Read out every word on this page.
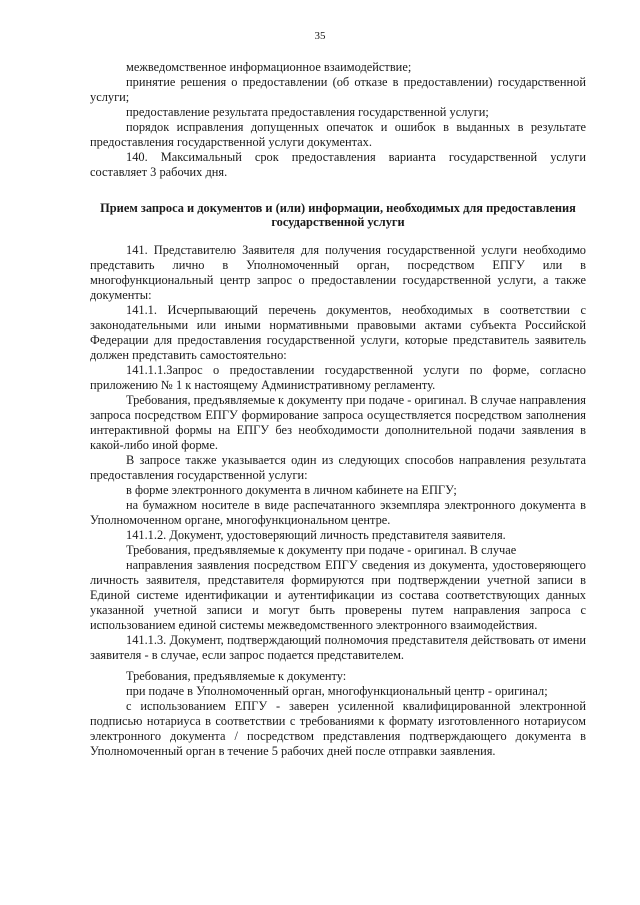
35

межведомственное информационное взаимодействие;

принятие решения о предоставлении (об отказе в предоставлении) государственной услуги;

предоставление результата предоставления государственной услуги;

порядок исправления допущенных опечаток и ошибок в выданных в результате предоставления государственной услуги документах.

140. Максимальный срок предоставления варианта государственной услуги составляет 3 рабочих дня.

Прием запроса и документов и (или) информации, необходимых для предоставления государственной услуги

141. Представителю Заявителя для получения государственной услуги необходимо представить лично в Уполномоченный орган, посредством ЕПГУ или в многофункциональный центр запрос о предоставлении государственной услуги, а также документы:

141.1. Исчерпывающий перечень документов, необходимых в соответствии с законодательными или иными нормативными правовыми актами субъекта Российской Федерации для предоставления государственной услуги, которые представитель заявитель должен представить самостоятельно:

141.1.1.Запрос о предоставлении государственной услуги по форме, согласно приложению № 1 к настоящему Административному регламенту.

Требования, предъявляемые к документу при подаче - оригинал. В случае направления запроса посредством ЕПГУ формирование запроса осуществляется посредством заполнения интерактивной формы на ЕПГУ без необходимости дополнительной подачи заявления в какой-либо иной форме.

В запросе также указывается один из следующих способов направления результата предоставления государственной услуги:

в форме электронного документа в личном кабинете на ЕПГУ;

на бумажном носителе в виде распечатанного экземпляра электронного документа в Уполномоченном органе, многофункциональном центре.

141.1.2. Документ, удостоверяющий личность представителя заявителя.

Требования, предъявляемые к документу при подаче - оригинал. В случае

направления заявления посредством ЕПГУ сведения из документа, удостоверяющего личность заявителя, представителя формируются при подтверждении учетной записи в Единой системе идентификации и аутентификации из состава соответствующих данных указанной учетной записи и могут быть проверены путем направления запроса с использованием единой системы межведомственного электронного взаимодействия.

141.1.3. Документ, подтверждающий полномочия представителя действовать от имени заявителя - в случае, если запрос подается представителем.

Требования, предъявляемые к документу:

при подаче в Уполномоченный орган, многофункциональный центр - оригинал;

с использованием ЕПГУ - заверен усиленной квалифицированной электронной подписью нотариуса в соответствии с требованиями к формату изготовленного нотариусом электронного документа / посредством представления подтверждающего документа в Уполномоченный орган в течение 5 рабочих дней после отправки заявления.
